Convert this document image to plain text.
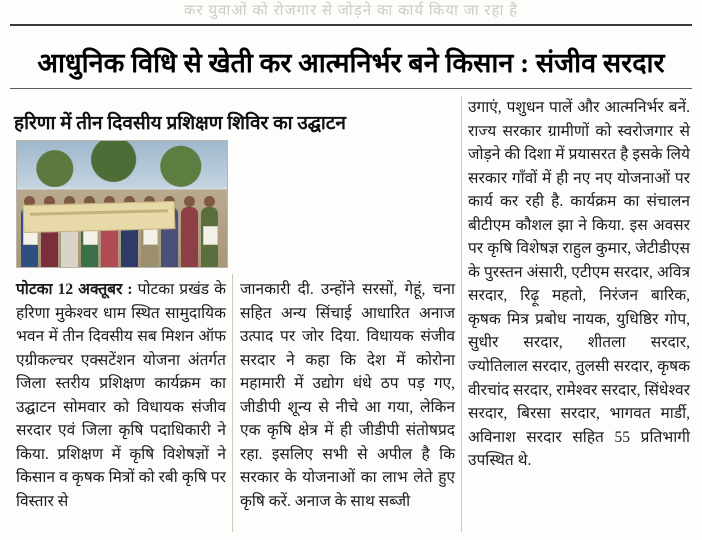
कर युवाओं को रोजगार से जोड़ने का कार्य किया जा रहा है
आधुनिक विधि से खेती कर आत्मनिर्भर बने किसान : संजीव सरदार
हरिणा में तीन दिवसीय प्रशिक्षण शिविर का उद्घाटन
पोटका 12 अक्तूबर : पोटका प्रखंड के हरिणा मुकेश्वर धाम स्थित सामुदायिक भवन में तीन दिवसीय सब मिशन ऑफ एग्रीकल्चर एक्सटेंशन योजना अंतर्गत जिला स्तरीय प्रशिक्षण कार्यक्रम का उद्घाटन सोमवार को विधायक संजीव सरदार एवं जिला कृषि पदाधिकारी ने किया. प्रशिक्षण में कृषि विशेषज्ञों ने किसान व कृषक मित्रों को रबी कृषि पर विस्तार से
जानकारी दी. उन्होंने सरसों, गेहूं, चना सहित अन्य सिंचाई आधारित अनाज उत्पाद पर जोर दिया. विधायक संजीव सरदार ने कहा कि देश में कोरोना महामारी में उद्योग धंधे ठप पड़ गए, जीडीपी शून्य से नीचे आ गया, लेकिन एक कृषि क्षेत्र में ही जीडीपी संतोषप्रद रहा. इसलिए सभी से अपील है कि सरकार के योजनाओं का लाभ लेते हुए कृषि करें. अनाज के साथ सब्जी
उगाएं, पशुधन पालें और आत्मनिर्भर बनें. राज्य सरकार ग्रामीणों को स्वरोजगार से जोड़ने की दिशा में प्रयासरत है इसके लिये सरकार गाँवों में ही नए नए योजनाओं पर कार्य कर रही है. कार्यक्रम का संचालन बीटीएम कौशल झा ने किया. इस अवसर पर कृषि विशेषज्ञ राहुल कुमार, जेटीडीएस के पुरस्तन अंसारी, एटीएम सरदार, अवित्र सरदार, रिढ़ू महतो, निरंजन बारिक, कृषक मित्र प्रबोध नायक, युधिष्ठिर गोप, सुधीर सरदार, शीतला सरदार, ज्योतिलाल सरदार, तुलसी सरदार, कृषक वीरचांद सरदार, रामेश्वर सरदार, सिंधेश्वर सरदार, बिरसा सरदार, भागवत मार्डी, अविनाश सरदार सहित 55 प्रतिभागी उपस्थित थे.
